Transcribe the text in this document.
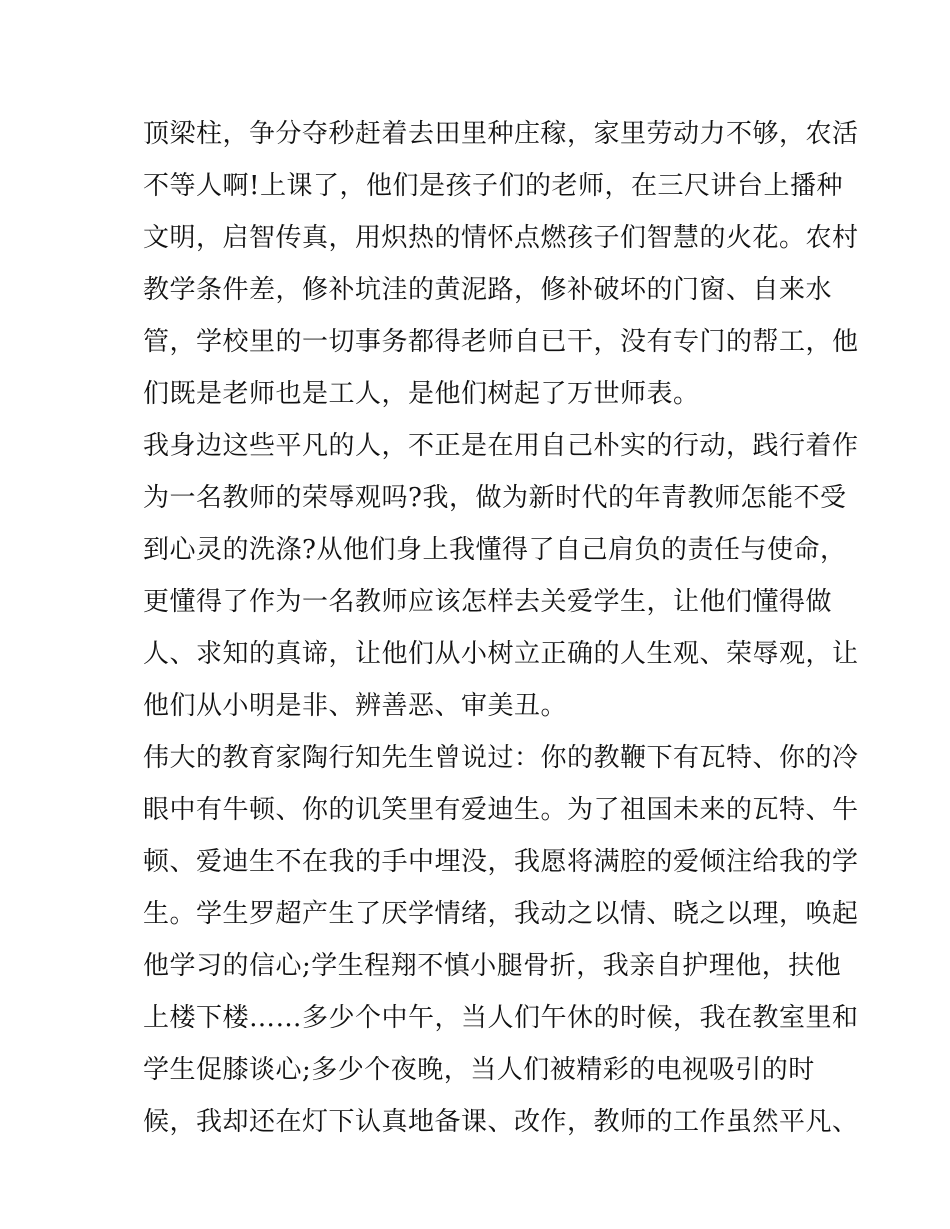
顶梁柱，争分夺秒赶着去田里种庄稼，家里劳动力不够，农活
不等人啊!上课了，他们是孩子们的老师，在三尺讲台上播种
文明，启智传真，用炽热的情怀点燃孩子们智慧的火花。农村
教学条件差，修补坑洼的黄泥路，修补破坏的门窗、自来水
管，学校里的一切事务都得老师自已干，没有专门的帮工，他
们既是老师也是工人，是他们树起了万世师表。
我身边这些平凡的人，不正是在用自己朴实的行动，践行着作
为一名教师的荣辱观吗?我，做为新时代的年青教师怎能不受
到心灵的洗涤?从他们身上我懂得了自己肩负的责任与使命，
更懂得了作为一名教师应该怎样去关爱学生，让他们懂得做
人、求知的真谛，让他们从小树立正确的人生观、荣辱观，让
他们从小明是非、辨善恶、审美丑。
伟大的教育家陶行知先生曾说过：你的教鞭下有瓦特、你的冷
眼中有牛顿、你的讥笑里有爱迪生。为了祖国未来的瓦特、牛
顿、爱迪生不在我的手中埋没，我愿将满腔的爱倾注给我的学
生。学生罗超产生了厌学情绪，我动之以情、晓之以理，唤起
他学习的信心;学生程翔不慎小腿骨折，我亲自护理他，扶他
上楼下楼……多少个中午，当人们午休的时候，我在教室里和
学生促膝谈心;多少个夜晚，当人们被精彩的电视吸引的时
候，我却还在灯下认真地备课、改作，教师的工作虽然平凡、
